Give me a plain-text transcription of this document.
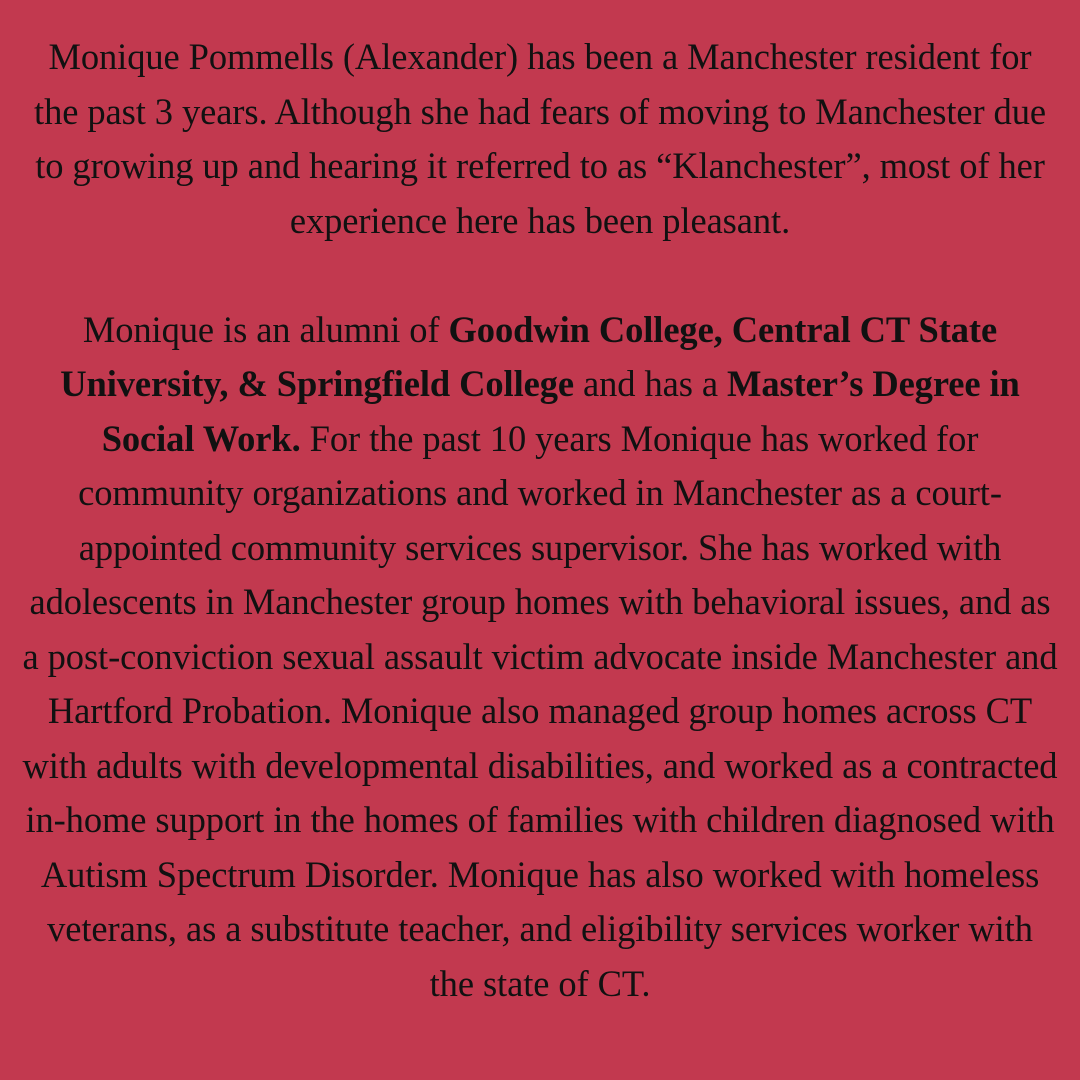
Monique Pommells (Alexander) has been a Manchester resident for the past 3 years. Although she had fears of moving to Manchester due to growing up and hearing it referred to as “Klanchester”, most of her experience here has been pleasant.

Monique is an alumni of Goodwin College, Central CT State University, & Springfield College and has a Master’s Degree in Social Work. For the past 10 years Monique has worked for community organizations and worked in Manchester as a court-appointed community services supervisor. She has worked with adolescents in Manchester group homes with behavioral issues, and as a post-conviction sexual assault victim advocate inside Manchester and Hartford Probation. Monique also managed group homes across CT with adults with developmental disabilities, and worked as a contracted in-home support in the homes of families with children diagnosed with Autism Spectrum Disorder. Monique has also worked with homeless veterans, as a substitute teacher, and eligibility services worker with the state of CT.
